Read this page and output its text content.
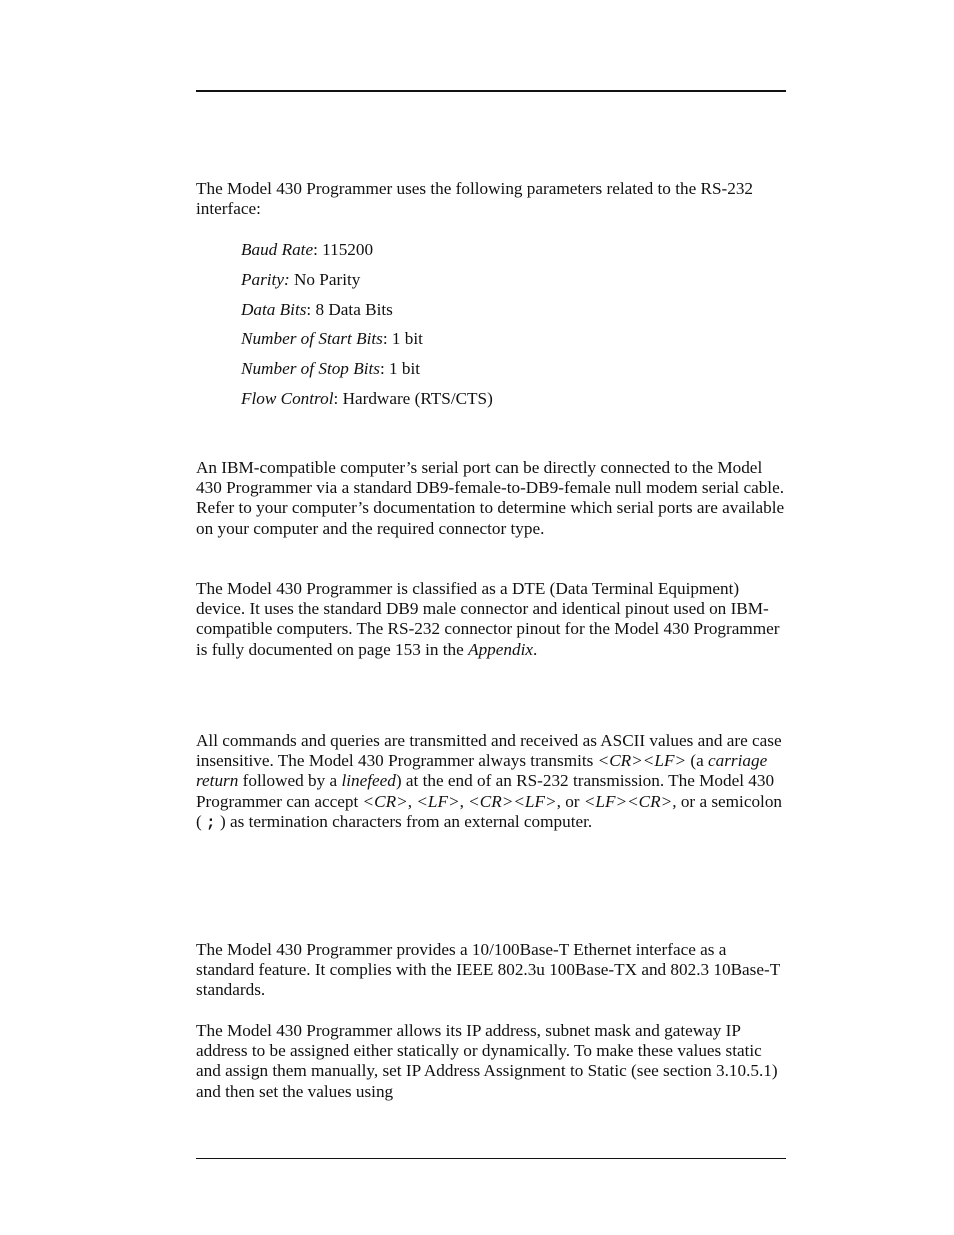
The Model 430 Programmer uses the following parameters related to the RS-232 interface:

Baud Rate: 115200
Parity: No Parity
Data Bits: 8 Data Bits
Number of Start Bits: 1 bit
Number of Stop Bits: 1 bit
Flow Control: Hardware (RTS/CTS)

An IBM-compatible computer’s serial port can be directly connected to the Model 430 Programmer via a standard DB9-female-to-DB9-female null modem serial cable. Refer to your computer’s documentation to determine which serial ports are available on your computer and the required connector type.

The Model 430 Programmer is classified as a DTE (Data Terminal Equipment) device. It uses the standard DB9 male connector and identical pinout used on IBM-compatible computers. The RS-232 connector pinout for the Model 430 Programmer is fully documented on page 153 in the Appendix.

All commands and queries are transmitted and received as ASCII values and are case insensitive. The Model 430 Programmer always transmits <CR><LF> (a carriage return followed by a linefeed) at the end of an RS-232 transmission. The Model 430 Programmer can accept <CR>, <LF>, <CR><LF>, or <LF><CR>, or a semicolon ( ; ) as termination characters from an external computer.

The Model 430 Programmer provides a 10/100Base-T Ethernet interface as a standard feature. It complies with the IEEE 802.3u 100Base-TX and 802.3 10Base-T standards.

The Model 430 Programmer allows its IP address, subnet mask and gateway IP address to be assigned either statically or dynamically. To make these values static and assign them manually, set IP Address Assignment to Static (see section 3.10.5.1) and then set the values using
